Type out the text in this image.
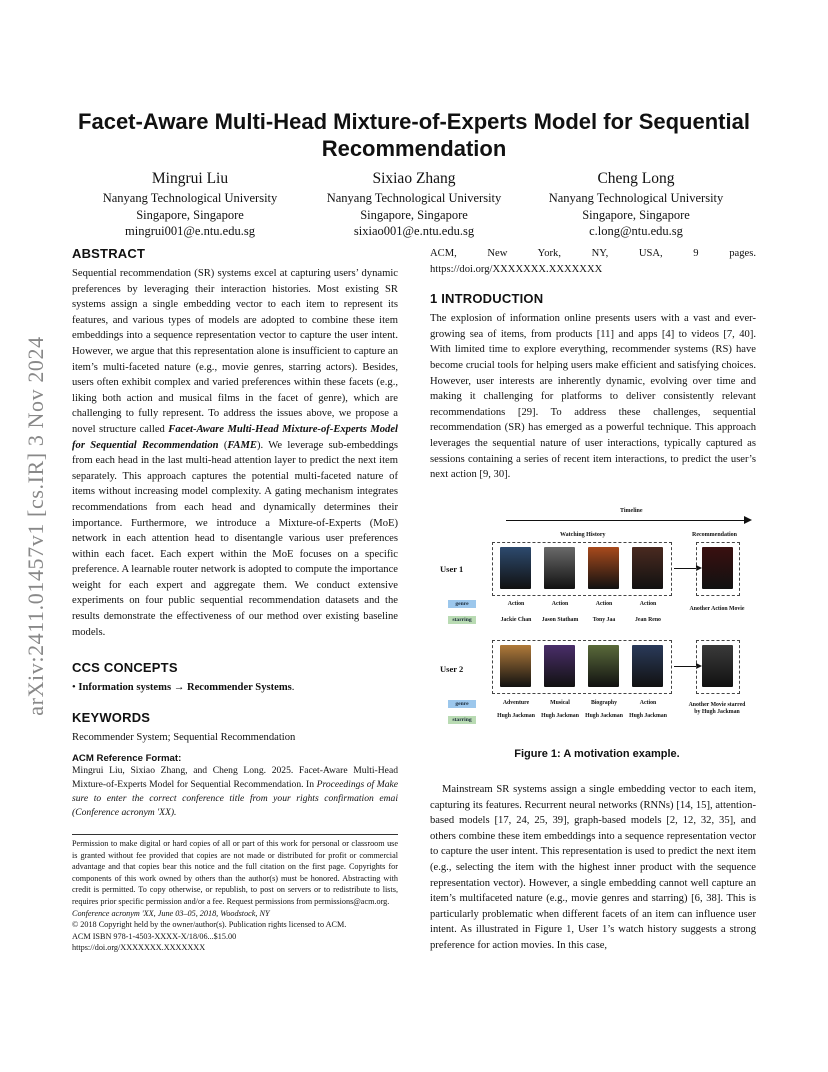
arXiv:2411.01457v1 [cs.IR] 3 Nov 2024
Facet-Aware Multi-Head Mixture-of-Experts Model for Sequential Recommendation
Mingrui Liu
Nanyang Technological University
Singapore, Singapore
mingrui001@e.ntu.edu.sg
Sixiao Zhang
Nanyang Technological University
Singapore, Singapore
sixiao001@e.ntu.edu.sg
Cheng Long
Nanyang Technological University
Singapore, Singapore
c.long@ntu.edu.sg
ABSTRACT

Sequential recommendation (SR) systems excel at capturing users’ dynamic preferences by leveraging their interaction histories. Most existing SR systems assign a single embedding vector to each item to represent its features, and various types of models are adopted to combine these item embeddings into a sequence representation vector to capture the user intent. However, we argue that this representation alone is insufficient to capture an item’s multi-faceted nature (e.g., movie genres, starring actors). Besides, users often exhibit complex and varied preferences within these facets (e.g., liking both action and musical films in the facet of genre), which are challenging to fully represent. To address the issues above, we propose a novel structure called Facet-Aware Multi-Head Mixture-of-Experts Model for Sequential Recommendation (FAME). We leverage sub-embeddings from each head in the last multi-head attention layer to predict the next item separately. This approach captures the potential multi-faceted nature of items without increasing model complexity. A gating mechanism integrates recommendations from each head and dynamically determines their importance. Furthermore, we introduce a Mixture-of-Experts (MoE) network in each attention head to disentangle various user preferences within each facet. Each expert within the MoE focuses on a specific preference. A learnable router network is adopted to compute the importance weight for each expert and aggregate them. We conduct extensive experiments on four public sequential recommendation datasets and the results demonstrate the effectiveness of our method over existing baseline models.

CCS CONCEPTS
• Information systems → Recommender Systems.
KEYWORDS

Recommender System; Sequential Recommendation

ACM Reference Format:
Mingrui Liu, Sixiao Zhang, and Cheng Long. 2025. Facet-Aware Multi-Head Mixture-of-Experts Model for Sequential Recommendation. In Proceedings of Make sure to enter the correct conference title from your rights confirmation emai (Conference acronym 'XX).
Permission to make digital or hard copies of all or part of this work for personal or classroom use is granted without fee provided that copies are not made or distributed for profit or commercial advantage and that copies bear this notice and the full citation on the first page. Copyrights for components of this work owned by others than the author(s) must be honored. Abstracting with credit is permitted. To copy otherwise, or republish, to post on servers or to redistribute to lists, requires prior specific permission and/or a fee. Request permissions from permissions@acm.org.
Conference acronym 'XX, June 03–05, 2018, Woodstock, NY
© 2018 Copyright held by the owner/author(s). Publication rights licensed to ACM.
ACM ISBN 978-1-4503-XXXX-X/18/06...$15.00
https://doi.org/XXXXXXX.XXXXXXX

ACM, New York, NY, USA, 9 pages. https://doi.org/XXXXXXX.XXXXXXX

1 INTRODUCTION

The explosion of information online presents users with a vast and ever-growing sea of items, from products [11] and apps [4] to videos [7, 40]. With limited time to explore everything, recommender systems (RS) have become crucial tools for helping users make efficient and satisfying choices. However, user interests are inherently dynamic, evolving over time and making it challenging for platforms to deliver consistently relevant recommendations [29]. To address these challenges, sequential recommendation (SR) has emerged as a powerful technique. This approach leverages the sequential nature of user interactions, typically captured as sessions containing a series of recent item interactions, to predict the user’s next action [9, 30].

Timeline
Watching History	Recommendation
User 1
genre
starring
Action	Action	Action	Action
Jackie Chan	Jason Statham	Tony Jaa	Jean Reno
Another Action Movie
User 2
genre
starring
Adventure	Musical	Biography	Action
Hugh Jackman	Hugh Jackman	Hugh Jackman	Hugh Jackman
Another Movie starred by Hugh Jackman
Figure 1: A motivation example.

Mainstream SR systems assign a single embedding vector to each item, capturing its features. Recurrent neural networks (RNNs) [14, 15], attention-based models [17, 24, 25, 39], graph-based models [2, 12, 32, 35], and others combine these item embeddings into a sequence representation vector to capture the user intent. This representation is used to predict the next item (e.g., selecting the item with the highest inner product with the sequence representation vector). However, a single embedding cannot well capture an item’s multifaceted nature (e.g., movie genres and starring) [6, 38]. This is particularly problematic when different facets of an item can influence user intent. As illustrated in Figure 1, User 1’s watch history suggests a strong preference for action movies. In this case,
